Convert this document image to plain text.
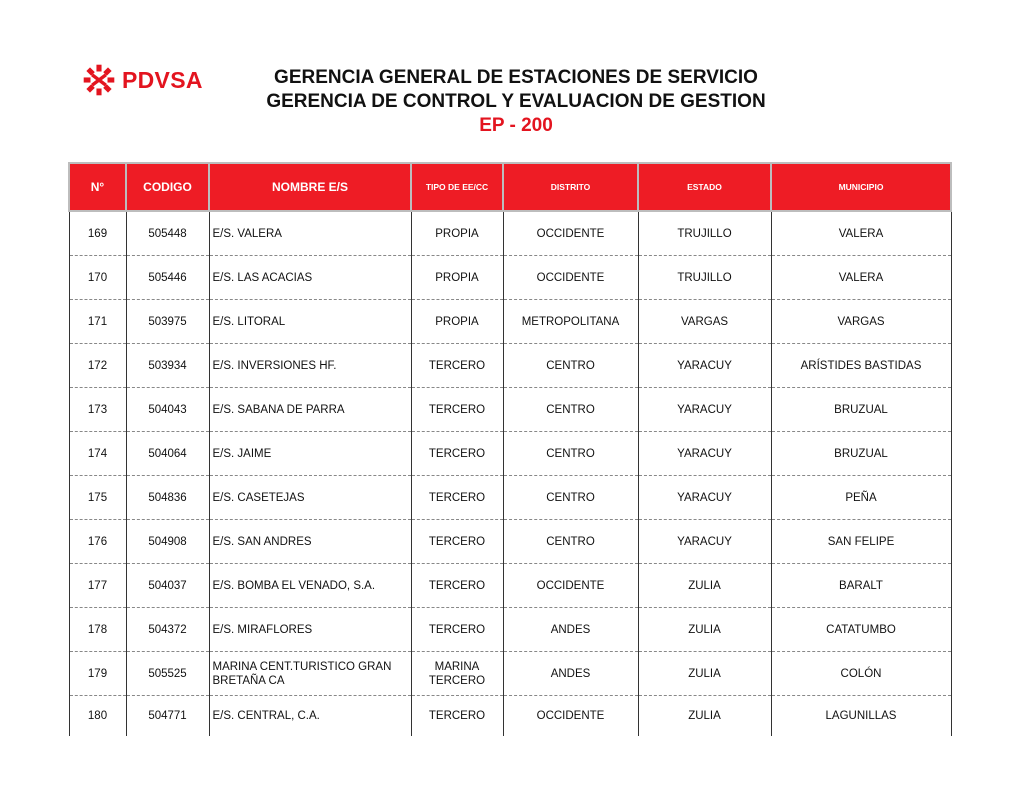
PDVSA	GERENCIA GENERAL DE ESTACIONES DE SERVICIO
GERENCIA DE CONTROL Y EVALUACION DE GESTION
EP - 200
N°	CODIGO	NOMBRE E/S	TIPO DE EE/CC	DISTRITO	ESTADO	MUNICIPIO
169	505448	E/S. VALERA	PROPIA	OCCIDENTE	TRUJILLO	VALERA
170	505446	E/S. LAS ACACIAS	PROPIA	OCCIDENTE	TRUJILLO	VALERA
171	503975	E/S. LITORAL	PROPIA	METROPOLITANA	VARGAS	VARGAS
172	503934	E/S. INVERSIONES HF.	TERCERO	CENTRO	YARACUY	ARÍSTIDES BASTIDAS
173	504043	E/S. SABANA DE PARRA	TERCERO	CENTRO	YARACUY	BRUZUAL
174	504064	E/S. JAIME	TERCERO	CENTRO	YARACUY	BRUZUAL
175	504836	E/S. CASETEJAS	TERCERO	CENTRO	YARACUY	PEÑA
176	504908	E/S. SAN ANDRES	TERCERO	CENTRO	YARACUY	SAN FELIPE
177	504037	E/S. BOMBA EL VENADO, S.A.	TERCERO	OCCIDENTE	ZULIA	BARALT
178	504372	E/S. MIRAFLORES	TERCERO	ANDES	ZULIA	CATATUMBO
179	505525	MARINA CENT.TURISTICO GRAN BRETAÑA CA	MARINA TERCERO	ANDES	ZULIA	COLÓN
180	504771	E/S. CENTRAL, C.A.	TERCERO	OCCIDENTE	ZULIA	LAGUNILLAS
